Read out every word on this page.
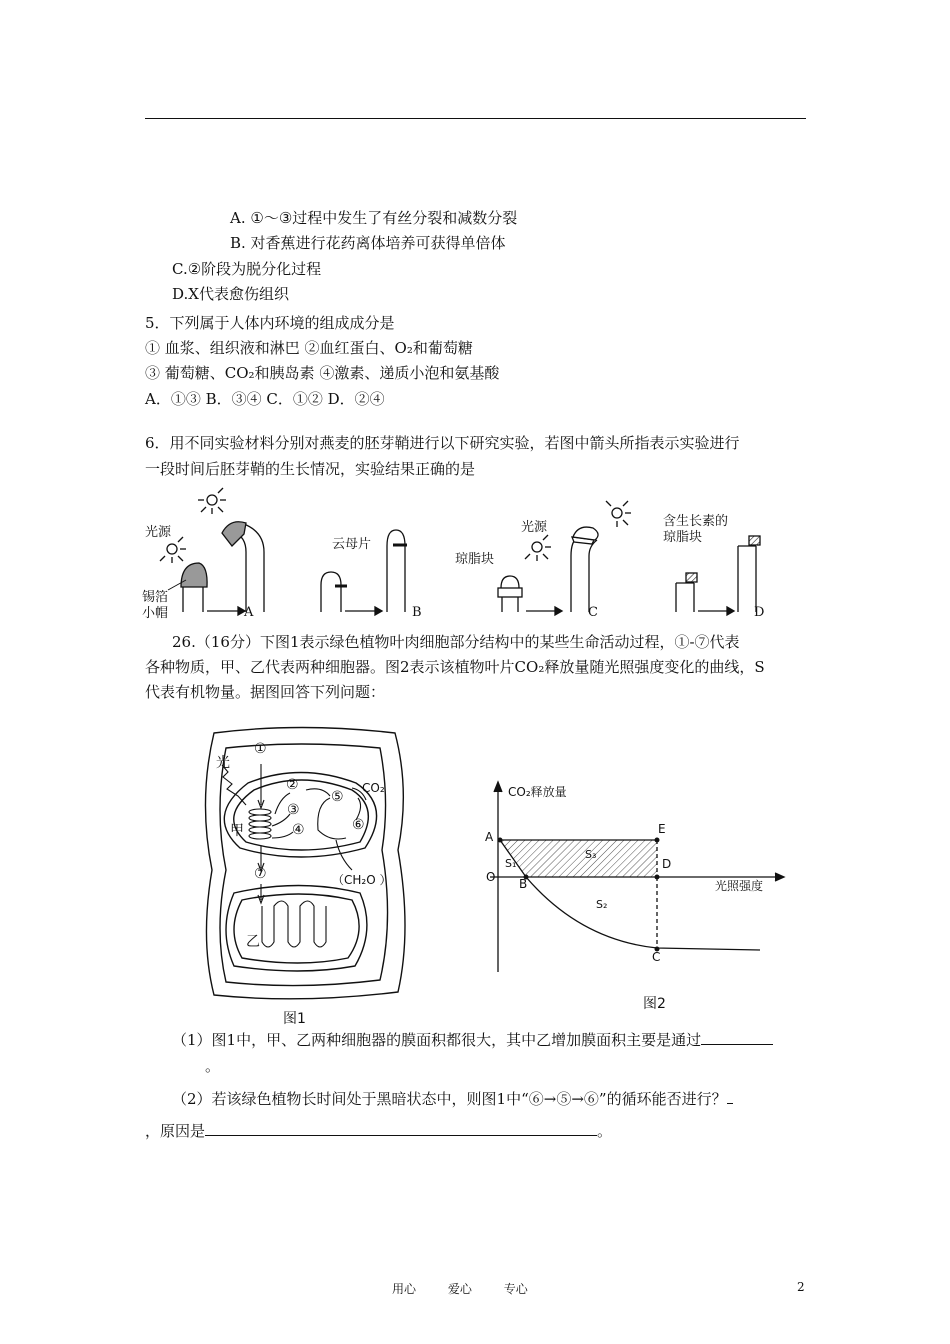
A. ①～③过程中发生了有丝分裂和减数分裂
B. 对香蕉进行花药离体培养可获得单倍体
C.②阶段为脱分化过程
D.X代表愈伤组织
5．下列属于人体内环境的组成成分是
① 血浆、组织液和淋巴 ②血红蛋白、O₂和葡萄糖
③ 葡萄糖、CO₂和胰岛素 ④激素、递质小泡和氨基酸
A．①③ B．③④ C．①② D．②④
6．用不同实验材料分别对燕麦的胚芽鞘进行以下研究实验，若图中箭头所指表示实验进行
一段时间后胚芽鞘的生长情况，实验结果正确的是
光源
锡箔
小帽
云母片
琼脂块
光源	含生长素的
琼脂块
A	B	C	D
26.（16分）下图1表示绿色植物叶肉细胞部分结构中的某些生命活动过程，①-⑦代表
各种物质，甲、乙代表两种细胞器。图2表示该植物叶片CO₂释放量随光照强度变化的曲线，S
代表有机物量。据图回答下列问题：
①
②
③
④
⑤
⑥
⑦
光
甲
乙
CO₂
（CH₂O ）
图1
CO₂释放量
光照强度
A
B
C
D
E
O
S₁
S₂
S₃
图2
（1）图1中，甲、乙两种细胞器的膜面积都很大，其中乙增加膜面积主要是通过
。
（2）若该绿色植物长时间处于黑暗状态中，则图1中“⑥→⑤→⑥”的循环能否进行？
，原因是	。
用心	爱心	专心	2
